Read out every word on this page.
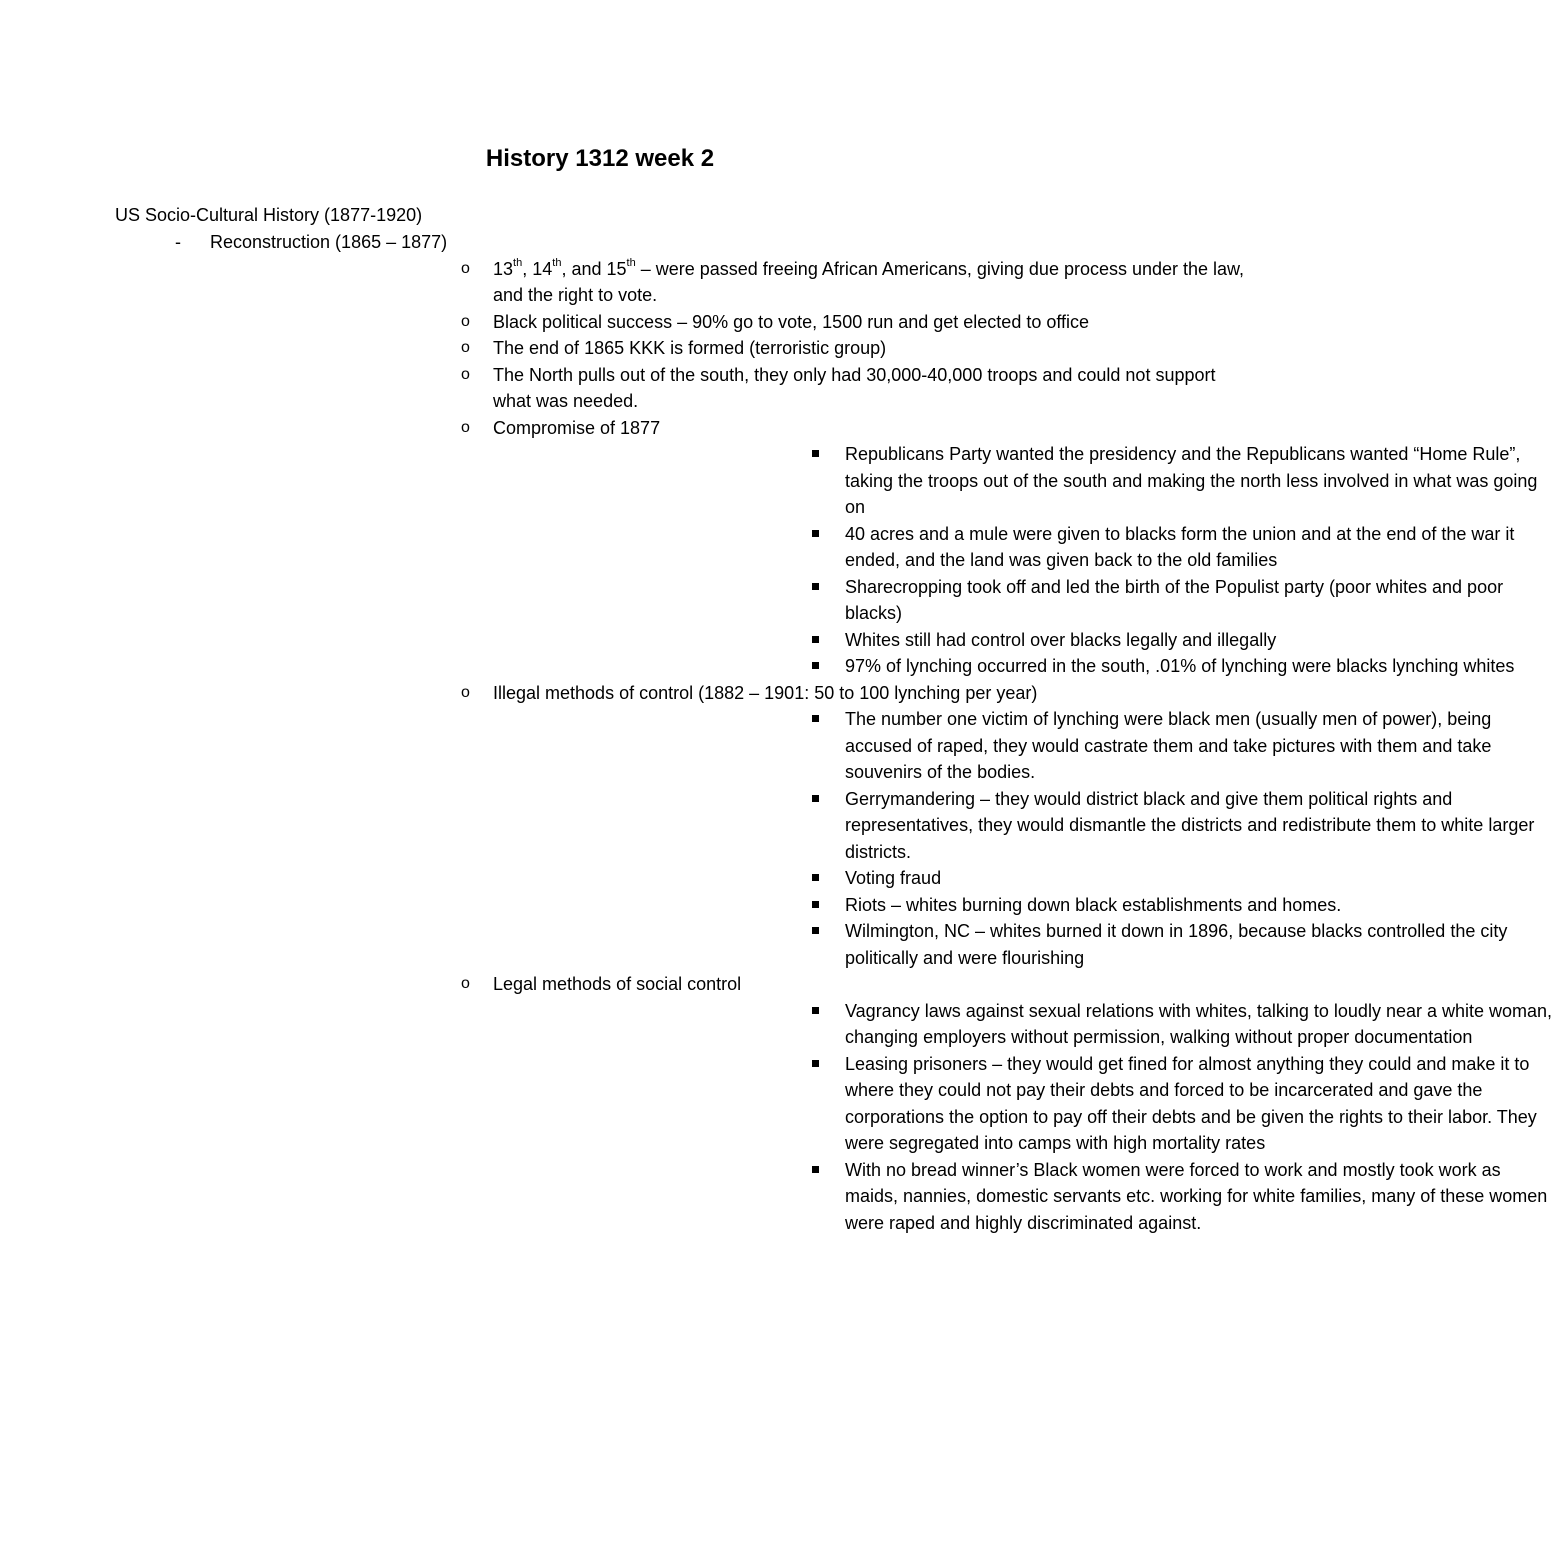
History 1312 week 2

US Socio-Cultural History (1877-1920)

- Reconstruction (1865 – 1877)
o 13th, 14th, and 15th – were passed freeing African Americans, giving due process under the law, and the right to vote.
o Black political success – 90% go to vote, 1500 run and get elected to office
o The end of 1865 KKK is formed (terroristic group)
o The North pulls out of the south, they only had 30,000-40,000 troops and could not support what was needed.
o Compromise of 1877
Republicans Party wanted the presidency and the Republicans wanted “Home Rule”, taking the troops out of the south and making the north less involved in what was going on
40 acres and a mule were given to blacks form the union and at the end of the war it ended, and the land was given back to the old families
Sharecropping took off and led the birth of the Populist party (poor whites and poor blacks)
Whites still had control over blacks legally and illegally
97% of lynching occurred in the south, .01% of lynching were blacks lynching whites
o Illegal methods of control (1882 – 1901: 50 to 100 lynching per year)
The number one victim of lynching were black men (usually men of power), being accused of raped, they would castrate them and take pictures with them and take souvenirs of the bodies.
Gerrymandering – they would district black and give them political rights and representatives, they would dismantle the districts and redistribute them to white larger districts.
Voting fraud
Riots – whites burning down black establishments and homes.
Wilmington, NC – whites burned it down in 1896, because blacks controlled the city politically and were flourishing
o Legal methods of social control
Vagrancy laws against sexual relations with whites, talking to loudly near a white woman, changing employers without permission, walking without proper documentation
Leasing prisoners – they would get fined for almost anything they could and make it to where they could not pay their debts and forced to be incarcerated and gave the corporations the option to pay off their debts and be given the rights to their labor. They were segregated into camps with high mortality rates
With no bread winner’s Black women were forced to work and mostly took work as maids, nannies, domestic servants etc. working for white families, many of these women were raped and highly discriminated against.
